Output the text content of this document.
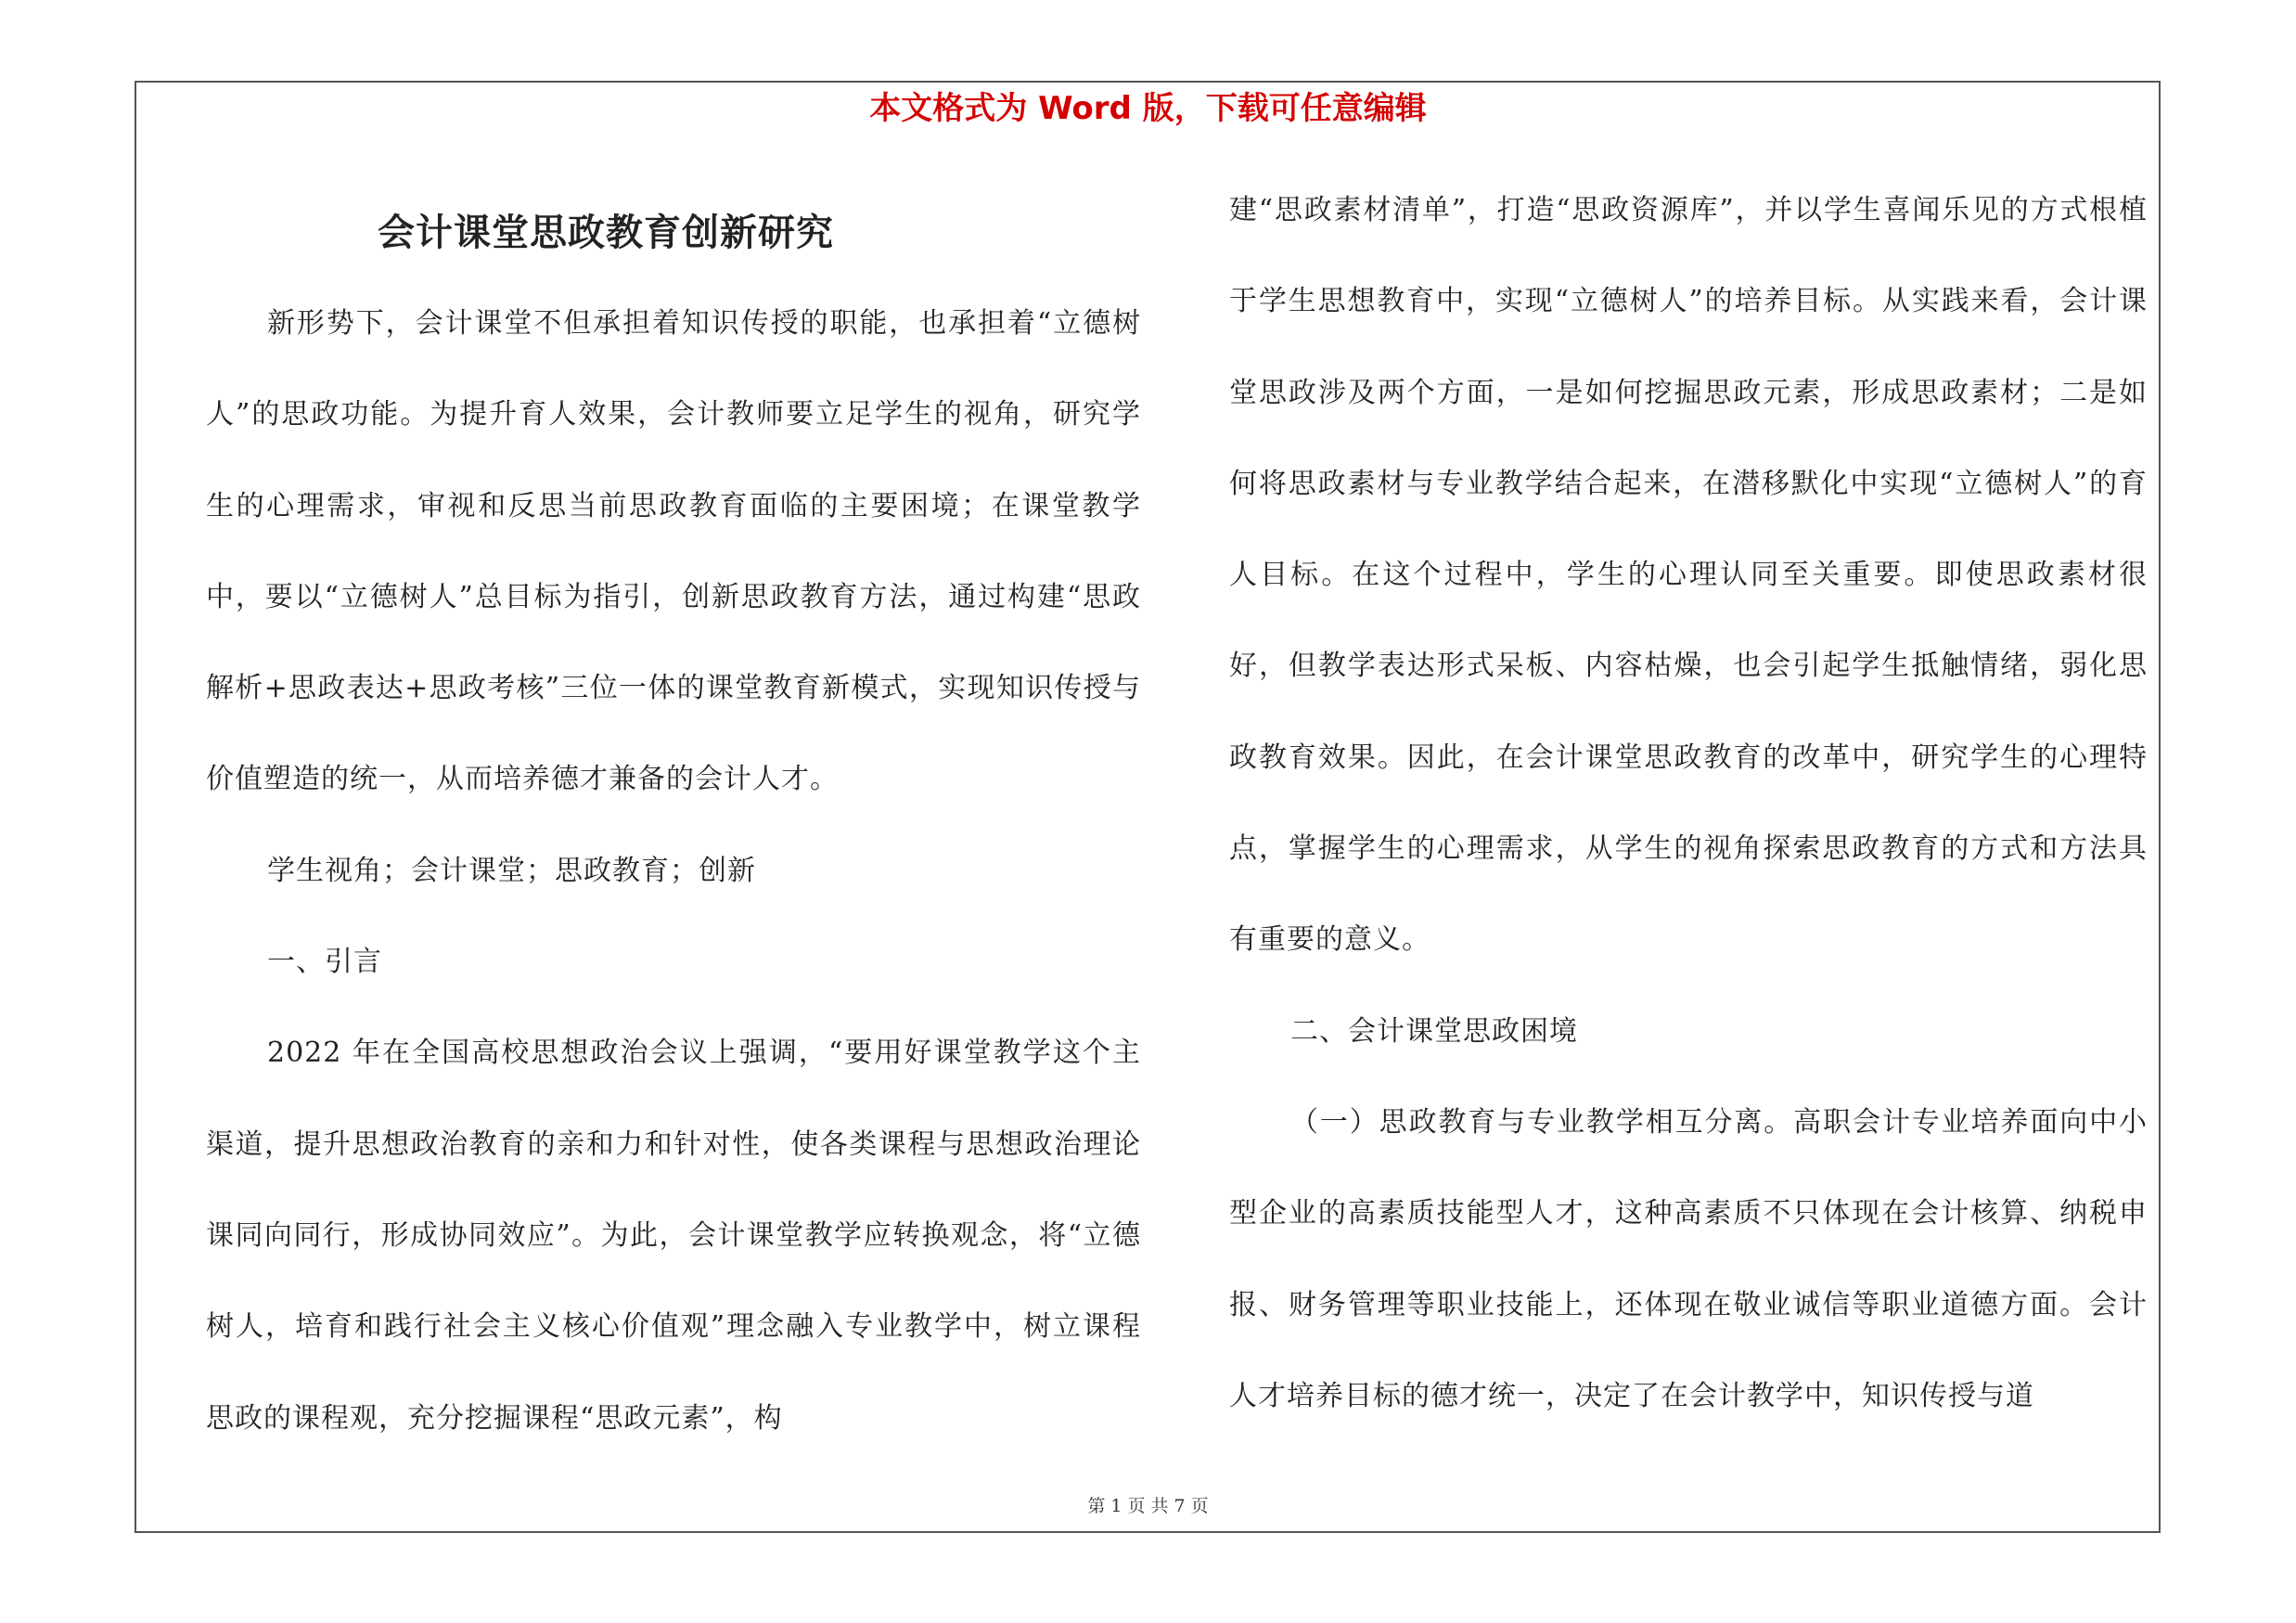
本文格式为 Word 版，下载可任意编辑
会计课堂思政教育创新研究

新形势下，会计课堂不但承担着知识传授的职能，也承担着“立德树人”的思政功能。为提升育人效果，会计教师要立足学生的视角，研究学生的心理需求，审视和反思当前思政教育面临的主要困境；在课堂教学中，要以“立德树人”总目标为指引，创新思政教育方法，通过构建“思政解析+思政表达+思政考核”三位一体的课堂教育新模式，实现知识传授与价值塑造的统一，从而培养德才兼备的会计人才。

学生视角；会计课堂；思政教育；创新

一、引言

2022 年在全国高校思想政治会议上强调，“要用好课堂教学这个主渠道，提升思想政治教育的亲和力和针对性，使各类课程与思想政治理论课同向同行，形成协同效应”。为此，会计课堂教学应转换观念，将“立德树人，培育和践行社会主义核心价值观”理念融入专业教学中，树立课程思政的课程观，充分挖掘课程“思政元素”，构

建“思政素材清单”，打造“思政资源库”，并以学生喜闻乐见的方式根植于学生思想教育中，实现“立德树人”的培养目标。从实践来看，会计课堂思政涉及两个方面，一是如何挖掘思政元素，形成思政素材；二是如何将思政素材与专业教学结合起来，在潜移默化中实现“立德树人”的育人目标。在这个过程中，学生的心理认同至关重要。即使思政素材很好，但教学表达形式呆板、内容枯燥，也会引起学生抵触情绪，弱化思政教育效果。因此，在会计课堂思政教育的改革中，研究学生的心理特点，掌握学生的心理需求，从学生的视角探索思政教育的方式和方法具有重要的意义。

二、会计课堂思政困境

（一）思政教育与专业教学相互分离。高职会计专业培养面向中小型企业的高素质技能型人才，这种高素质不只体现在会计核算、纳税申报、财务管理等职业技能上，还体现在敬业诚信等职业道德方面。会计人才培养目标的德才统一，决定了在会计教学中，知识传授与道

第 1 页 共 7 页
